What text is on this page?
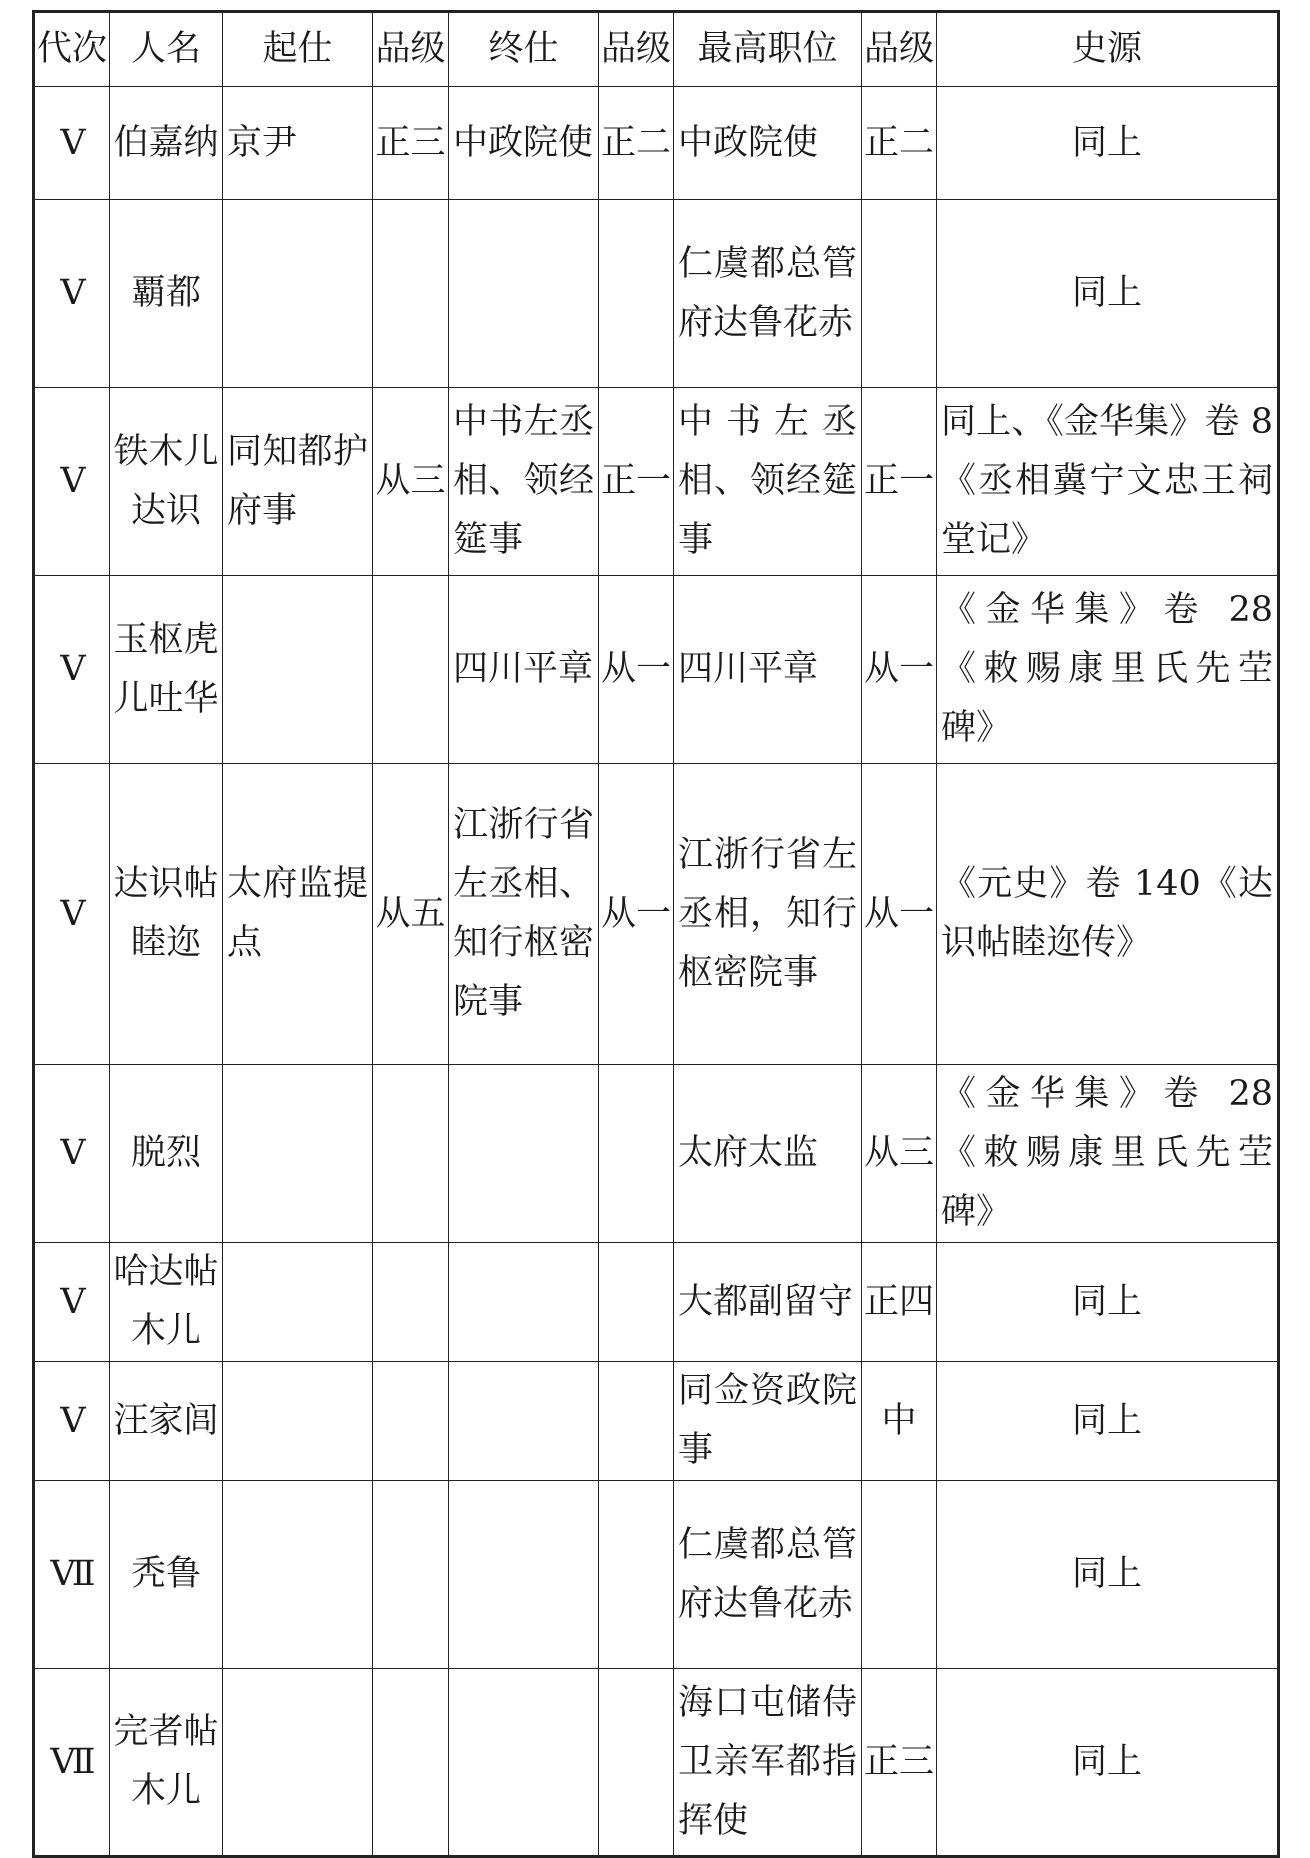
代次	人名	起仕	品级	终仕	品级	最高职位	品级	史源
Ⅴ	伯嘉纳	京尹	正三	中政院使	正二	中政院使	正二	同上
Ⅴ	覇都					仁虞都总管府达鲁花赤		同上
Ⅴ	铁木儿达识	同知都护府事	从三	中书左丞相、领经筵事	正一	中书左丞相、领经筵事	正一	同上、《金华集》卷 8《丞相冀宁文忠王祠堂记》
Ⅴ	玉枢虎儿吐华			四川平章	从一	四川平章	从一	《金华集》卷 28《敕赐康里氏先茔碑》
Ⅴ	达识帖睦迩	太府监提点	从五	江浙行省左丞相、知行枢密院事	从一	江浙行省左丞相，知行枢密院事	从一	《元史》卷 140《达识帖睦迩传》
Ⅴ	脱烈					太府太监	从三	《金华集》卷 28《敕赐康里氏先茔碑》
Ⅴ	哈达帖木儿					大都副留守	正四	同上
Ⅴ	汪家闾					同佥资政院事	中	同上
Ⅶ	秃鲁					仁虞都总管府达鲁花赤		同上
Ⅶ	完者帖木儿					海口屯储侍卫亲军都指挥使	正三	同上
